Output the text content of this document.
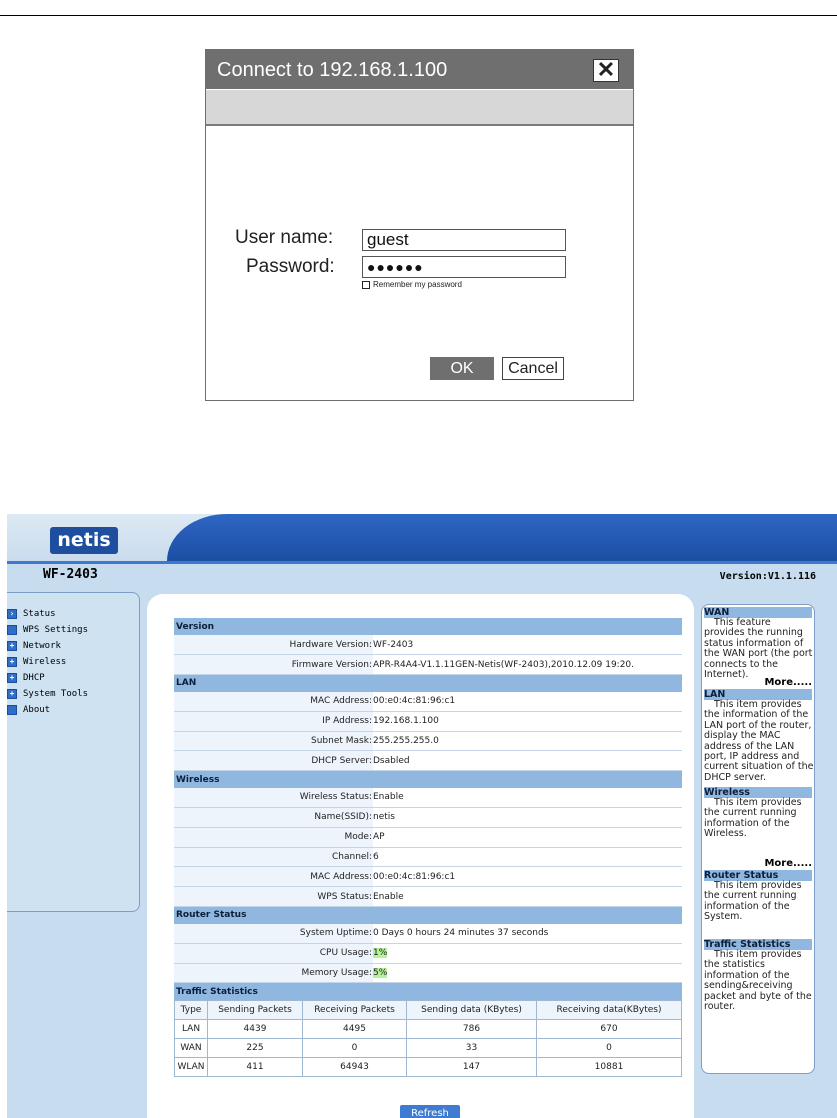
Connect to 192.168.1.100	✕
User name: guest
Password:	●●●●●●
Remember my password
OK	Cancel
netis
WF-2403	Version:V1.1.116
› Status
WPS Settings
+ Network
+ Wireless
+ DHCP
+ System Tools
About
Version
Hardware Version:	WF-2403
Firmware Version:	APR-R4A4-V1.1.11GEN-Netis(WF-2403),2010.12.09 19:20.
LAN
MAC Address:	00:e0:4c:81:96:c1
IP Address:	192.168.1.100
Subnet Mask:	255.255.255.0
DHCP Server:	Dsabled
Wireless
Wireless Status:	Enable
Name(SSID):	netis
Mode:	AP
Channel:	6
MAC Address:	00:e0:4c:81:96:c1
WPS Status:	Enable
Router Status
System Uptime:	0 Days 0 hours 24 minutes 37 seconds
CPU Usage:	1%
Memory Usage:	5%
Traffic Statistics

Type	Sending Packets	Receiving Packets	Sending data (KBytes)	Receiving data(KBytes)
LAN	4439	4495	786	670
WAN	225	0	33	0
WLAN	411	64943	147	10881
Refresh
WAN
This feature provides the running status information of the WAN port (the port connects to the Internet).
More.....
LAN
This item provides the information of the LAN port of the router, display the MAC address of the LAN port, IP address and current situation of the DHCP server.
Wireless
This item provides the current running information of the Wireless.
More.....
Router Status
This item provides the current running information of the System.
Traffic Statistics
This item provides the statistics information of the sending&receiving packet and byte of the router.
